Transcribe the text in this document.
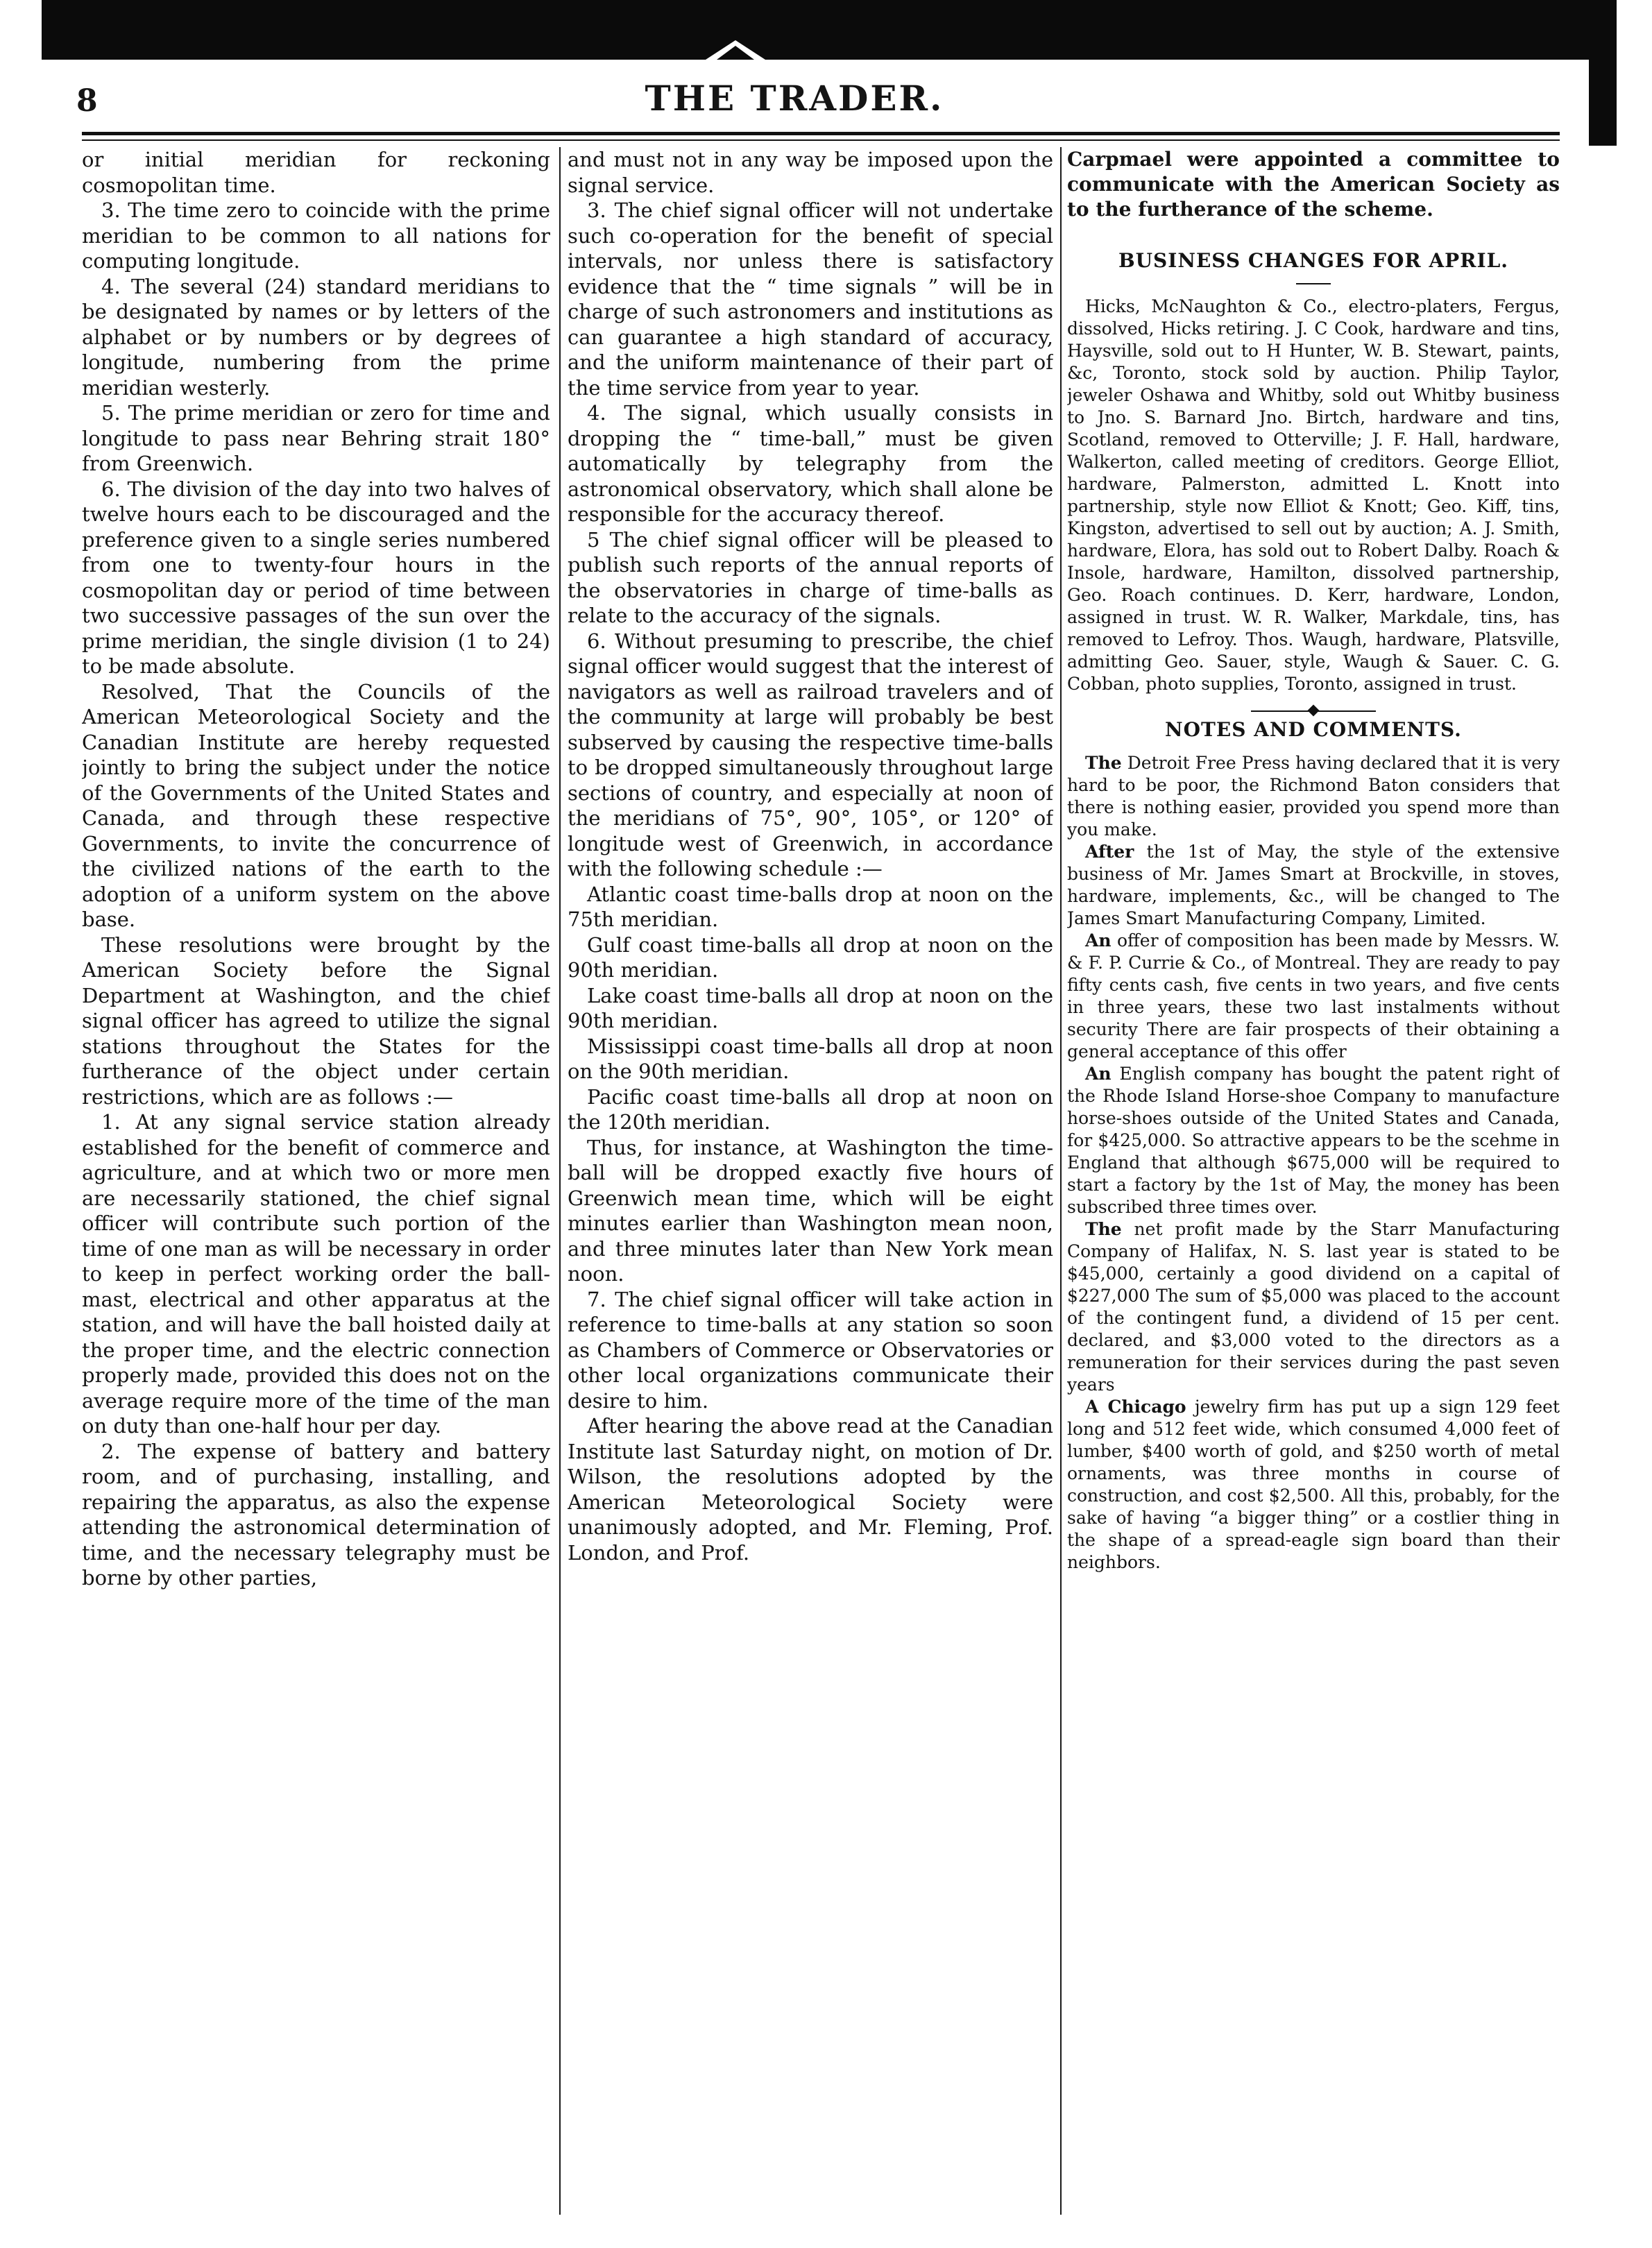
8	THE TRADER.

or initial meridian for reckoning cosmopolitan time.

3. The time zero to coincide with the prime meridian to be common to all nations for computing longitude.

4. The several (24) standard meridians to be designated by names or by letters of the alphabet or by numbers or by degrees of longitude, numbering from the prime meridian westerly.

5. The prime meridian or zero for time and longitude to pass near Behring strait 180° from Greenwich.

6. The division of the day into two halves of twelve hours each to be discouraged and the preference given to a single series numbered from one to twenty-four hours in the cosmopolitan day or period of time between two successive passages of the sun over the prime meridian, the single division (1 to 24) to be made absolute.

Resolved, That the Councils of the American Meteorological Society and the Canadian Institute are hereby requested jointly to bring the subject under the notice of the Governments of the United States and Canada, and through these respective Governments, to invite the concurrence of the civilized nations of the earth to the adoption of a uniform system on the above base.

These resolutions were brought by the American Society before the Signal Department at Washington, and the chief signal officer has agreed to utilize the signal stations throughout the States for the furtherance of the object under certain restrictions, which are as follows :—

1. At any signal service station already established for the benefit of commerce and agriculture, and at which two or more men are necessarily stationed, the chief signal officer will contribute such portion of the time of one man as will be necessary in order to keep in perfect working order the ball-mast, electrical and other apparatus at the station, and will have the ball hoisted daily at the proper time, and the electric connection properly made, provided this does not on the average require more of the time of the man on duty than one-half hour per day.

2. The expense of battery and battery room, and of purchasing, installing, and repairing the apparatus, as also the expense attending the astronomical determination of time, and the necessary telegraphy must be borne by other parties,

and must not in any way be imposed upon the signal service.

3. The chief signal officer will not undertake such co-operation for the benefit of special intervals, nor unless there is satisfactory evidence that the “ time signals ” will be in charge of such astronomers and institutions as can guarantee a high standard of accuracy, and the uniform maintenance of their part of the time service from year to year.

4. The signal, which usually consists in dropping the “ time-ball,” must be given automatically by telegraphy from the astronomical observatory, which shall alone be responsible for the accuracy thereof.

5 The chief signal officer will be pleased to publish such reports of the annual reports of the observatories in charge of time-balls as relate to the accuracy of the signals.

6. Without presuming to prescribe, the chief signal officer would suggest that the interest of navigators as well as railroad travelers and of the community at large will probably be best subserved by causing the respective time-balls to be dropped simultaneously throughout large sections of country, and especially at noon of the meridians of 75°, 90°, 105°, or 120° of longitude west of Greenwich, in accordance with the following schedule :—

Atlantic coast time-balls drop at noon on the 75th meridian.

Gulf coast time-balls all drop at noon on the 90th meridian.

Lake coast time-balls all drop at noon on the 90th meridian.

Mississippi coast time-balls all drop at noon on the 90th meridian.

Pacific coast time-balls all drop at noon on the 120th meridian.

Thus, for instance, at Washington the time-ball will be dropped exactly five hours of Greenwich mean time, which will be eight minutes earlier than Washington mean noon, and three minutes later than New York mean noon.

7. The chief signal officer will take action in reference to time-balls at any station so soon as Chambers of Commerce or Observatories or other local organizations communicate their desire to him.

After hearing the above read at the Canadian Institute last Saturday night, on motion of Dr. Wilson, the resolutions adopted by the American Meteorological Society were unanimously adopted, and Mr. Fleming, Prof. London, and Prof.

Carpmael were appointed a committee to communicate with the American Society as to the furtherance of the scheme.

BUSINESS CHANGES FOR APRIL.

Hicks, McNaughton & Co., electro-platers, Fergus, dissolved, Hicks retiring. J. C Cook, hardware and tins, Haysville, sold out to H Hunter, W. B. Stewart, paints, &c, Toronto, stock sold by auction. Philip Taylor, jeweler Oshawa and Whitby, sold out Whitby business to Jno. S. Barnard Jno. Birtch, hardware and tins, Scotland, removed to Otterville; J. F. Hall, hardware, Walkerton, called meeting of creditors. George Elliot, hardware, Palmerston, admitted L. Knott into partnership, style now Elliot & Knott; Geo. Kiff, tins, Kingston, advertised to sell out by auction; A. J. Smith, hardware, Elora, has sold out to Robert Dalby. Roach & Insole, hardware, Hamilton, dissolved partnership, Geo. Roach continues. D. Kerr, hardware, London, assigned in trust. W. R. Walker, Markdale, tins, has removed to Lefroy. Thos. Waugh, hardware, Platsville, admitting Geo. Sauer, style, Waugh & Sauer. C. G. Cobban, photo supplies, Toronto, assigned in trust.

NOTES AND COMMENTS.

The Detroit Free Press having declared that it is very hard to be poor, the Richmond Baton considers that there is nothing easier, provided you spend more than you make.

After the 1st of May, the style of the extensive business of Mr. James Smart at Brockville, in stoves, hardware, implements, &c., will be changed to The James Smart Manufacturing Company, Limited.

An offer of composition has been made by Messrs. W. & F. P. Currie & Co., of Montreal. They are ready to pay fifty cents cash, five cents in two years, and five cents in three years, these two last instalments without security There are fair prospects of their obtaining a general acceptance of this offer

An English company has bought the patent right of the Rhode Island Horse-shoe Company to manufacture horse-shoes outside of the United States and Canada, for $425,000. So attractive appears to be the scehme in England that although $675,000 will be required to start a factory by the 1st of May, the money has been subscribed three times over.

The net profit made by the Starr Manufacturing Company of Halifax, N. S. last year is stated to be $45,000, certainly a good dividend on a capital of $227,000 The sum of $5,000 was placed to the account of the contingent fund, a dividend of 15 per cent. declared, and $3,000 voted to the directors as a remuneration for their services during the past seven years

A Chicago jewelry firm has put up a sign 129 feet long and 512 feet wide, which consumed 4,000 feet of lumber, $400 worth of gold, and $250 worth of metal ornaments, was three months in course of construction, and cost $2,500. All this, probably, for the sake of having “a bigger thing” or a costlier thing in the shape of a spread-eagle sign board than their neighbors.
